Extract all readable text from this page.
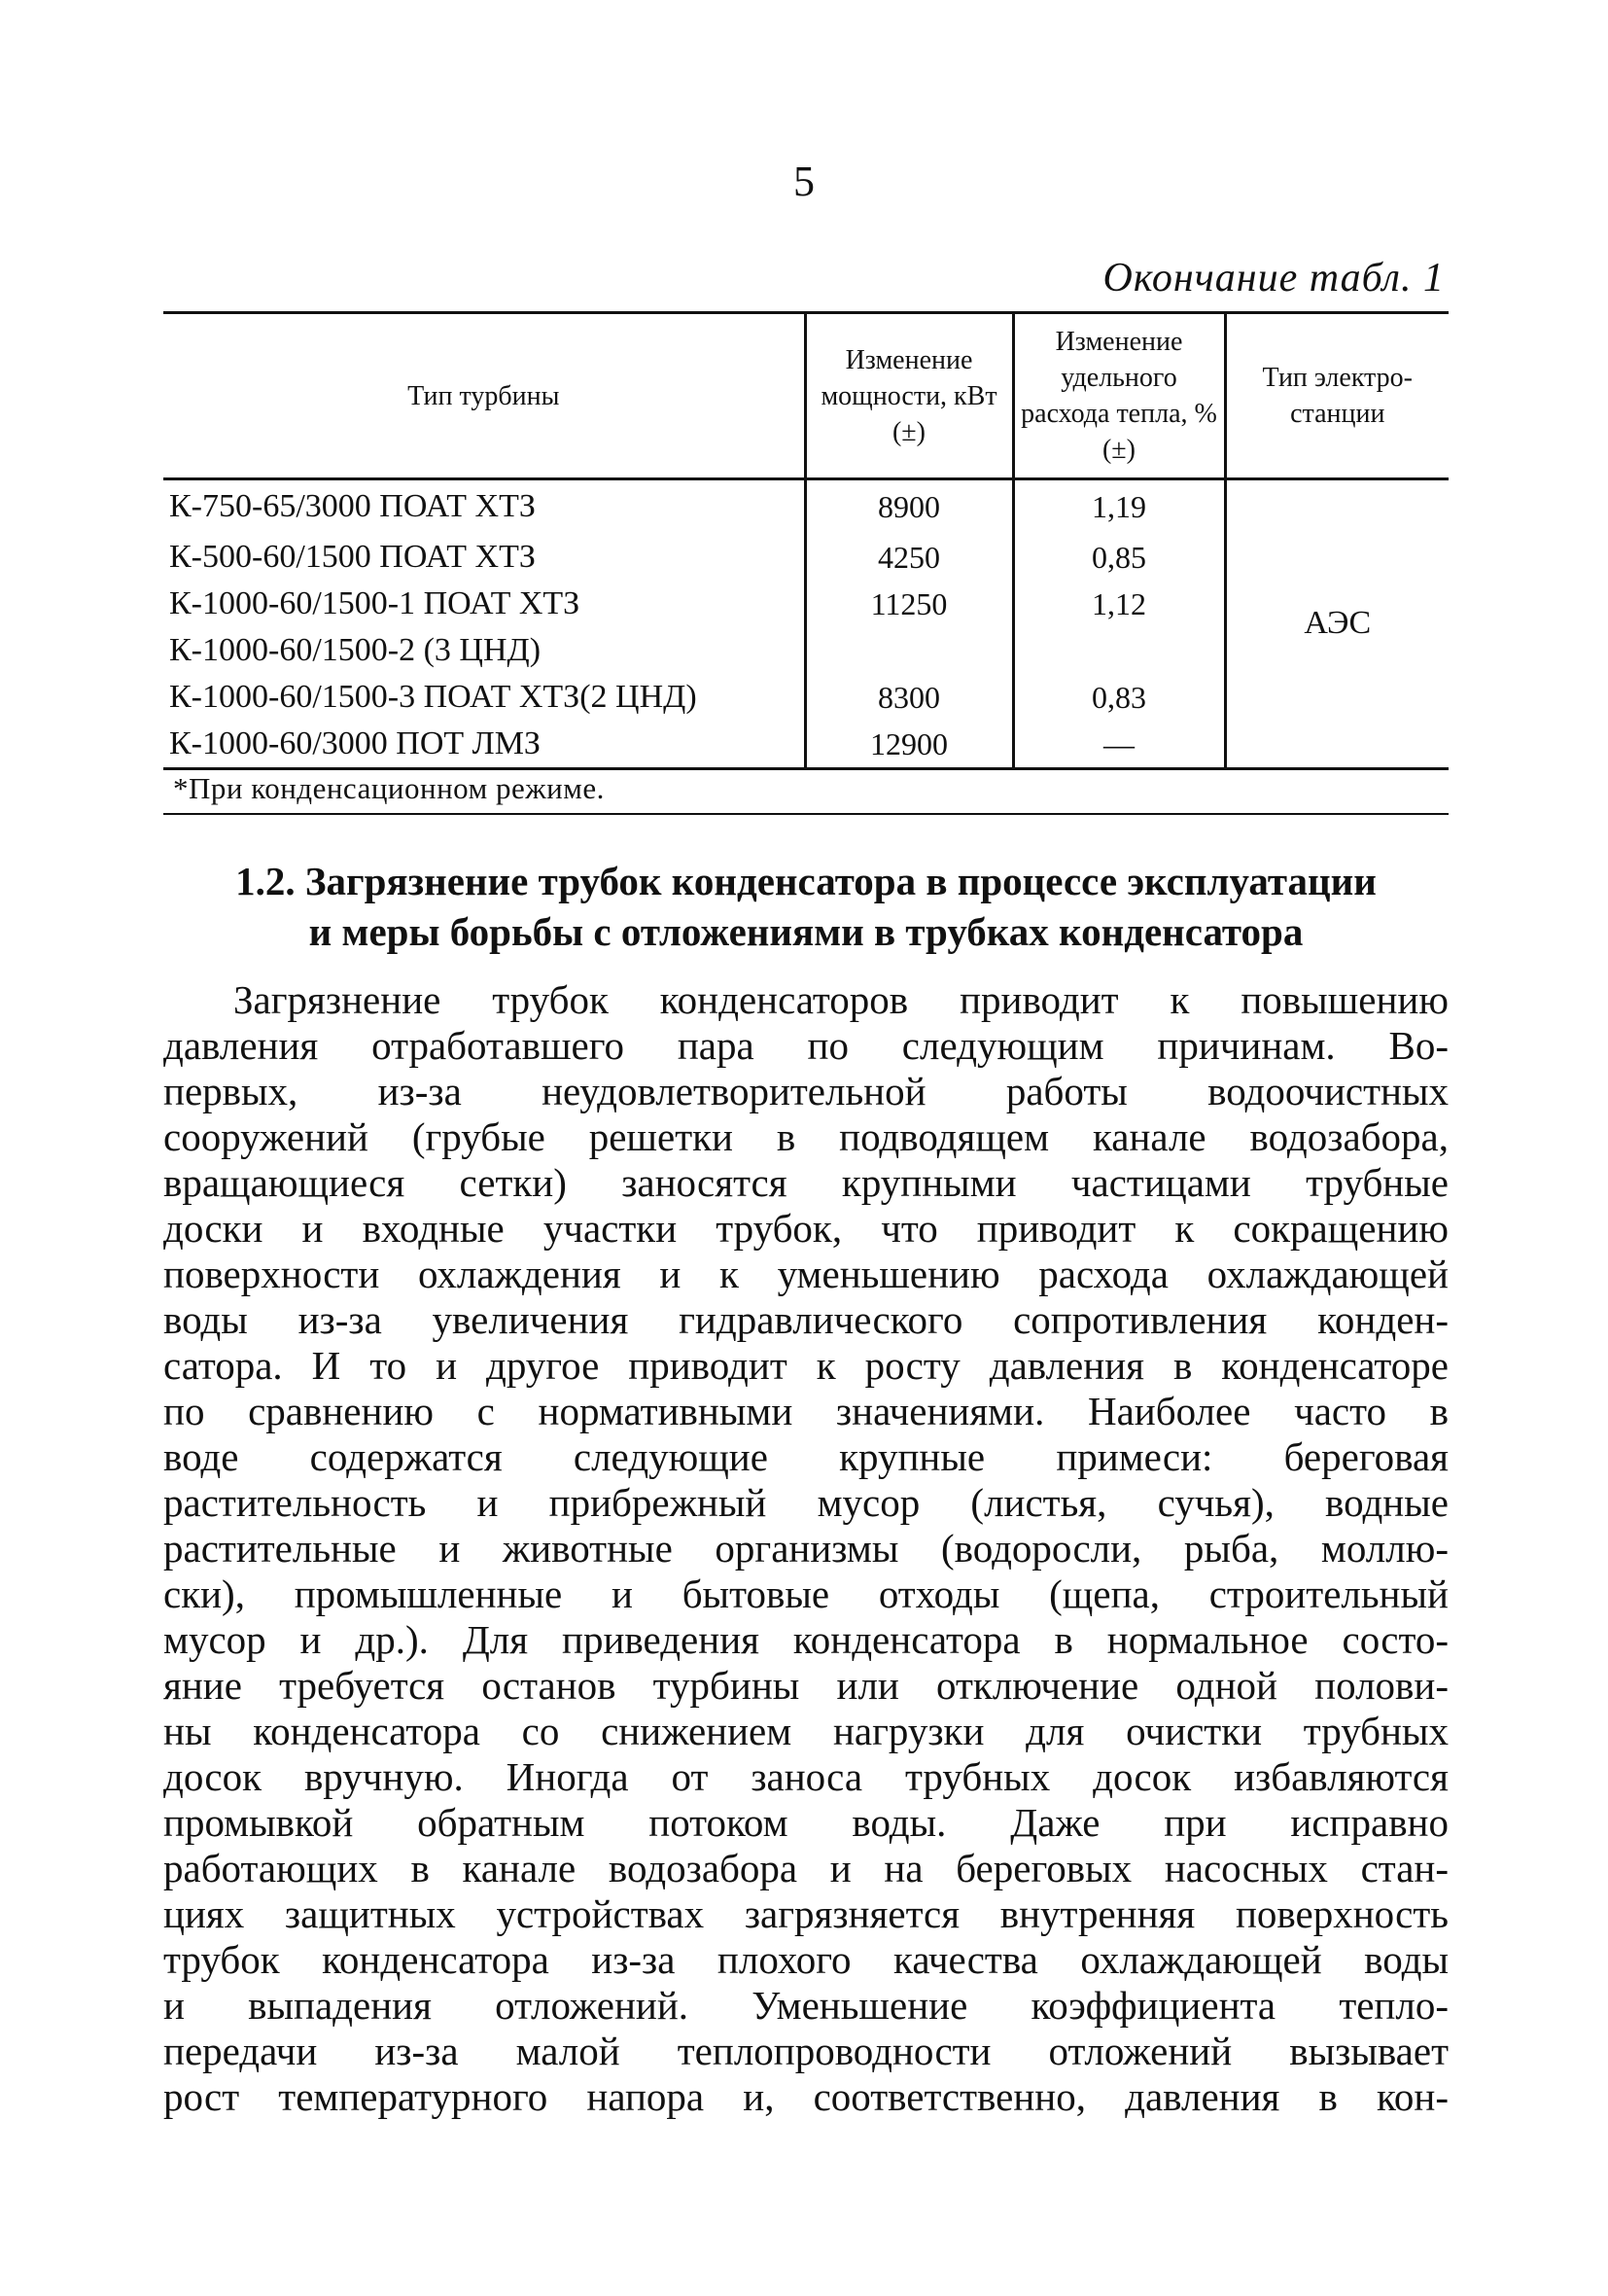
5
Окончание табл. 1
Тип турбины	Изменение мощности, кВт (±)	Изменение удельного расхода тепла, % (±)	Тип электро-станции
К-750-65/3000 ПОАТ ХТЗ	8900	1,19	АЭС
К-500-60/1500 ПОАТ ХТЗ	4250	0,85	
К-1000-60/1500-1 ПОАТ ХТЗ	11250	1,12	
К-1000-60/1500-2 (3 ЦНД)			
К-1000-60/1500-3 ПОАТ ХТЗ(2 ЦНД)	8300	0,83	
К-1000-60/3000 ПОТ ЛМЗ	12900	—	
*При конденсационном режиме.
1.2. Загрязнение трубок конденсатора в процессе эксплуатации
и меры борьбы с отложениями в трубках конденсатора
Загрязнение трубок конденсаторов приводит к повышению
давления отработавшего пара по следующим причинам. Во-
первых, из-за неудовлетворительной работы водоочистных
сооружений (грубые решетки в подводящем канале водозабора,
вращающиеся сетки) заносятся крупными частицами трубные
доски и входные участки трубок, что приводит к сокращению
поверхности охлаждения и к уменьшению расхода охлаждающей
воды из-за увеличения гидравлического сопротивления конден-
сатора. И то и другое приводит к росту давления в конденсаторе
по сравнению с нормативными значениями. Наиболее часто в
воде содержатся следующие крупные примеси: береговая
растительность и прибрежный мусор (листья, сучья), водные
растительные и животные организмы (водоросли, рыба, моллю-
ски), промышленные и бытовые отходы (щепа, строительный
мусор и др.). Для приведения конденсатора в нормальное состо-
яние требуется останов турбины или отключение одной полови-
ны конденсатора со снижением нагрузки для очистки трубных
досок вручную. Иногда от заноса трубных досок избавляются
промывкой обратным потоком воды. Даже при исправно
работающих в канале водозабора и на береговых насосных стан-
циях защитных устройствах загрязняется внутренняя поверхность
трубок конденсатора из-за плохого качества охлаждающей воды
и выпадения отложений. Уменьшение коэффициента тепло-
передачи из-за малой теплопроводности отложений вызывает
рост температурного напора и, соответственно, давления в кон-
